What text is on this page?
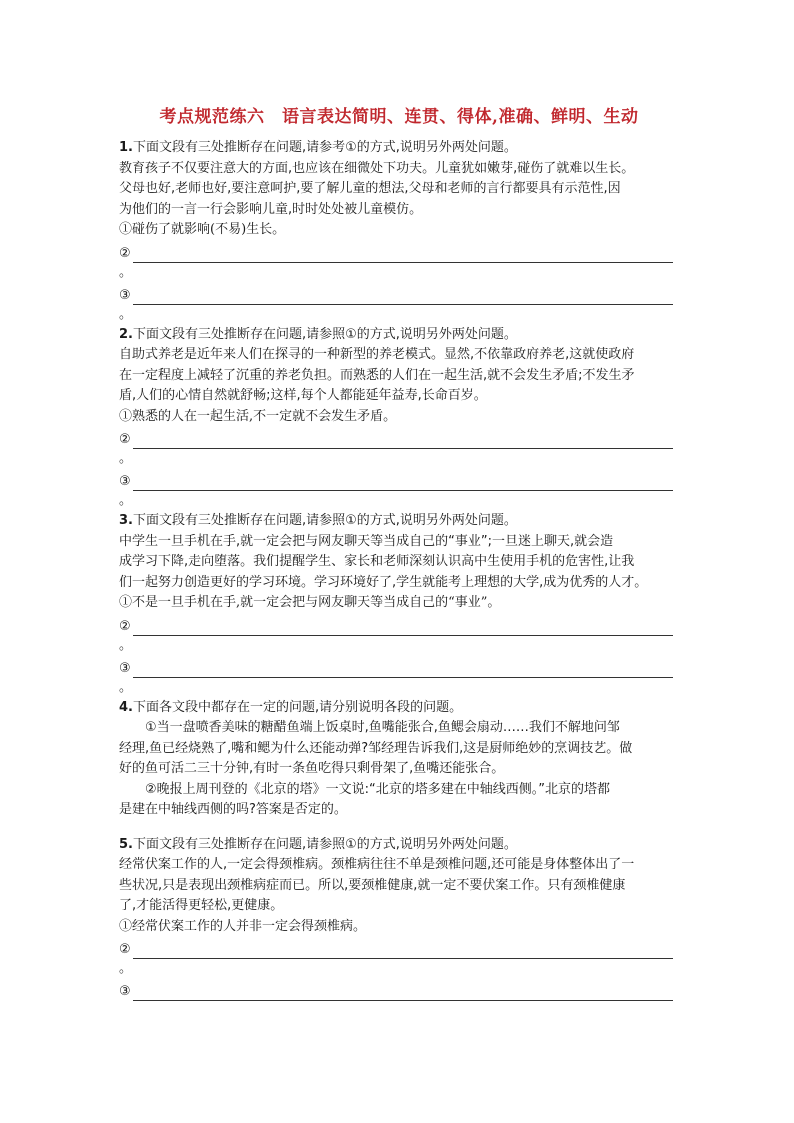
考点规范练六　语言表达简明、连贯、得体,准确、鲜明、生动
1.下面文段有三处推断存在问题,请参考①的方式,说明另外两处问题。
教育孩子不仅要注意大的方面,也应该在细微处下功夫。儿童犹如嫩芽,碰伤了就难以生长。
父母也好,老师也好,要注意呵护,要了解儿童的想法,父母和老师的言行都要具有示范性,因
为他们的一言一行会影响儿童,时时处处被儿童模仿。
①碰伤了就影响(不易)生长。
②
。
③
。
2.下面文段有三处推断存在问题,请参照①的方式,说明另外两处问题。
自助式养老是近年来人们在探寻的一种新型的养老模式。显然,不依靠政府养老,这就使政府
在一定程度上减轻了沉重的养老负担。而熟悉的人们在一起生活,就不会发生矛盾;不发生矛
盾,人们的心情自然就舒畅;这样,每个人都能延年益寿,长命百岁。
①熟悉的人在一起生活,不一定就不会发生矛盾。
②
。
③
。
3.下面文段有三处推断存在问题,请参照①的方式,说明另外两处问题。
中学生一旦手机在手,就一定会把与网友聊天等当成自己的“事业”;一旦迷上聊天,就会造
成学习下降,走向堕落。我们提醒学生、家长和老师深刻认识高中生使用手机的危害性,让我
们一起努力创造更好的学习环境。学习环境好了,学生就能考上理想的大学,成为优秀的人才。
①不是一旦手机在手,就一定会把与网友聊天等当成自己的“事业”。
②
。
③
。
4.下面各文段中都存在一定的问题,请分别说明各段的问题。
①当一盘喷香美味的糖醋鱼端上饭桌时,鱼嘴能张合,鱼鳃会扇动……我们不解地问邹
经理,鱼已经烧熟了,嘴和鳃为什么还能动弹?邹经理告诉我们,这是厨师绝妙的烹调技艺。做
好的鱼可活二三十分钟,有时一条鱼吃得只剩骨架了,鱼嘴还能张合。
②晚报上周刊登的《北京的塔》一文说:“北京的塔多建在中轴线西侧。”北京的塔都
是建在中轴线西侧的吗?答案是否定的。
5.下面文段有三处推断存在问题,请参照①的方式,说明另外两处问题。
经常伏案工作的人,一定会得颈椎病。颈椎病往往不单是颈椎问题,还可能是身体整体出了一
些状况,只是表现出颈椎病症而已。所以,要颈椎健康,就一定不要伏案工作。只有颈椎健康
了,才能活得更轻松,更健康。
①经常伏案工作的人并非一定会得颈椎病。
②
。
③
